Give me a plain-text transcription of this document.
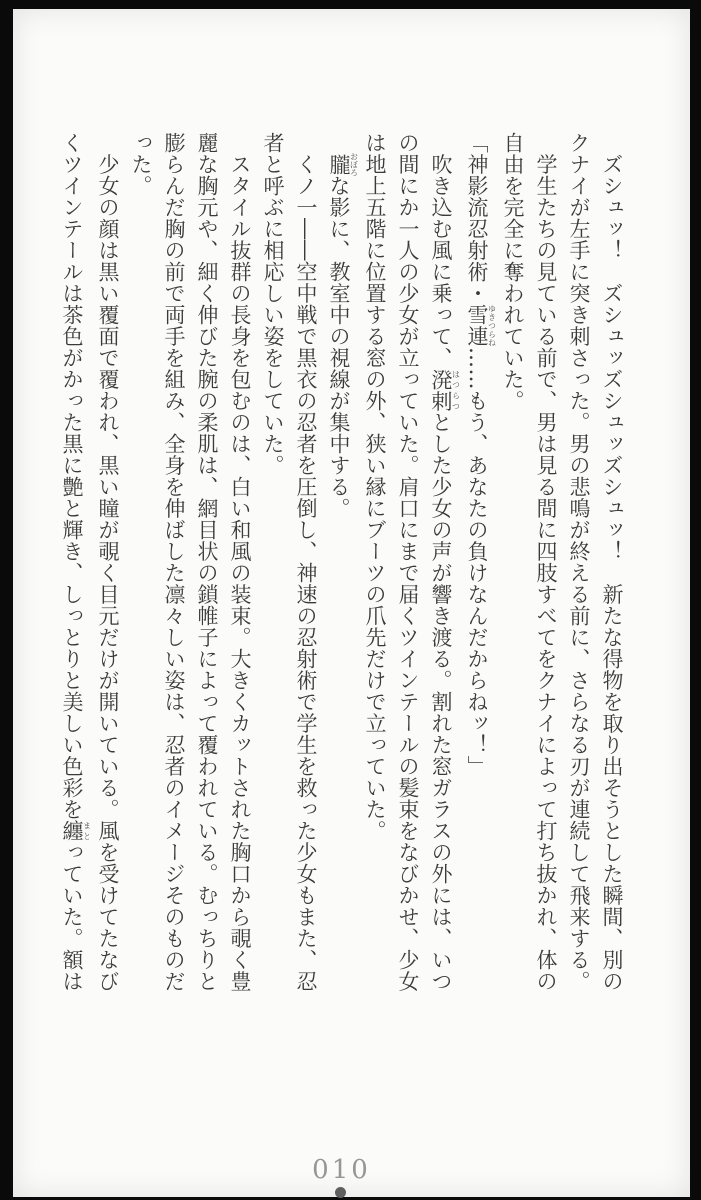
　ズシュッ！　ズシュッズシュッズシュッ！　新たな得物を取り出そうとした瞬間、別の
クナイが左手に突き刺さった。男の悲鳴が終える前に、さらなる刃が連続して飛来する。
　学生たちの見ている前で、男は見る間に四肢すべてをクナイによって打ち抜かれ、体の
自由を完全に奪われていた。
「神影流忍射術・雪連ゆきつらね……もう、あなたの負けなんだからねッ！」
　吹き込む風に乗って、溌剌はつらつとした少女の声が響き渡る。割れた窓ガラスの外には、いつ
の間にか一人の少女が立っていた。肩口にまで届くツインテールの髪束をなびかせ、少女
は地上五階に位置する窓の外、狭い縁にブーツの爪先だけで立っていた。
　朧おぼろな影に、教室中の視線が集中する。
　くノ一――空中戦で黒衣の忍者を圧倒し、神速の忍射術で学生を救った少女もまた、忍
者と呼ぶに相応しい姿をしていた。
　スタイル抜群の長身を包むのは、白い和風の装束。大きくカットされた胸口から覗く豊
麗な胸元や、細く伸びた腕の柔肌は、網目状の鎖帷子によって覆われている。むっちりと
膨らんだ胸の前で両手を組み、全身を伸ばした凛々しい姿は、忍者のイメージそのものだ
った。
　少女の顔は黒い覆面で覆われ、黒い瞳が覗く目元だけが開いている。風を受けてたなび
くツインテールは茶色がかった黒に艶と輝き、しっとりと美しい色彩を纏まとっていた。額は
010
